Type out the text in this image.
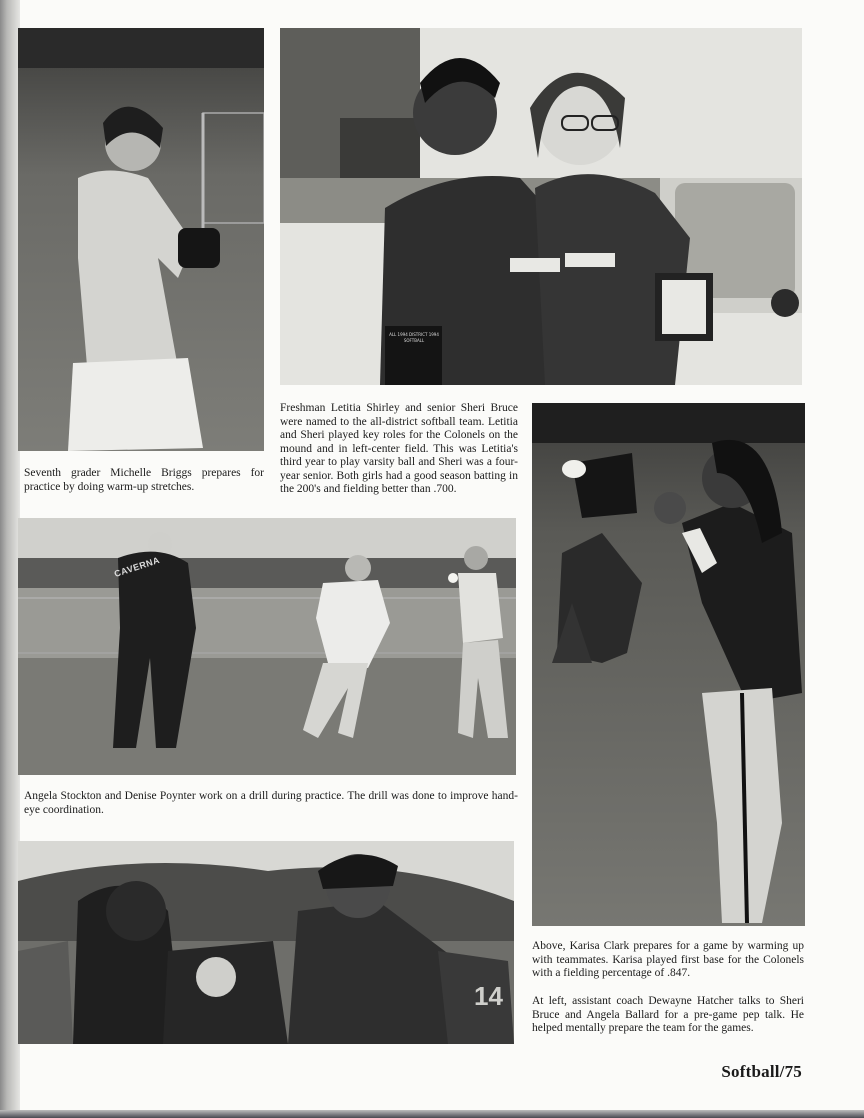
ALL 1994 DISTRICT 1994 SOFTBALL

Seventh grader Michelle Briggs prepares for practice by doing warm-up stretches.

Freshman Letitia Shirley and senior Sheri Bruce were named to the all-district softball team. Letitia and Sheri played key roles for the Colonels on the mound and in left-center field. This was Letitia's third year to play varsity ball and Sheri was a four-year senior. Both girls had a good season batting in the 200's and fielding better than .700.

CAVERNA

Angela Stockton and Denise Poynter work on a drill during practice. The drill was done to improve hand-eye coordination.

14

Above, Karisa Clark prepares for a game by warming up with teammates. Karisa played first base for the Colonels with a fielding percentage of .847.

At left, assistant coach Dewayne Hatcher talks to Sheri Bruce and Angela Ballard for a pre-game pep talk. He helped mentally prepare the team for the games.

Softball/75
